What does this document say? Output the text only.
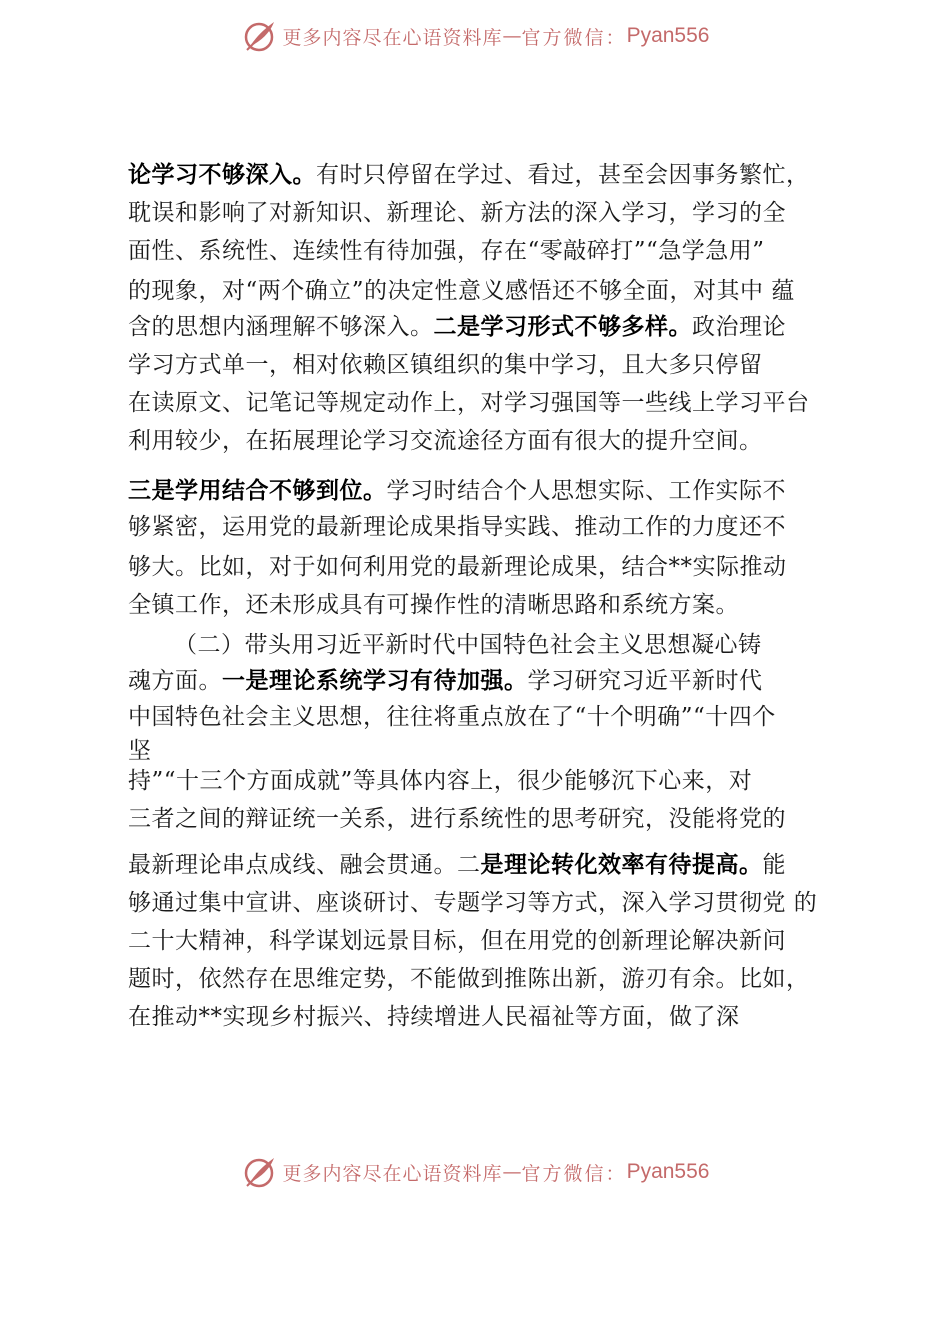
更多内容尽在心语资料库 — 官方微信： Pyan556
论学习不够深入。有时只停留在学过、看过，甚至会因事务繁忙，
耽误和影响了对新知识、新理论、新方法的深入学习，学习的全
面性、系统性、连续性有待加强，存在“零敲碎打”“急学急用”
的现象，对“两个确立”的决定性意义感悟还不够全面，对其中 蕴
含的思想内涵理解不够深入。二是学习形式不够多样。政治理论
学习方式单一，相对依赖区镇组织的集中学习，且大多只停留
在读原文、记笔记等规定动作上，对学习强国等一些线上学习平台
利用较少，在拓展理论学习交流途径方面有很大的提升空间。
三是学用结合不够到位。学习时结合个人思想实际、工作实际不
够紧密，运用党的最新理论成果指导实践、推动工作的力度还不
够大。比如，对于如何利用党的最新理论成果，结合**实际推动
全镇工作，还未形成具有可操作性的清晰思路和系统方案。
（二）带头用习近平新时代中国特色社会主义思想凝心铸
魂方面。一是理论系统学习有待加强。学习研究习近平新时代
中国特色社会主义思想，往往将重点放在了“十个明确”“十四个
坚
持”“十三个方面成就”等具体内容上，很少能够沉下心来，对
三者之间的辩证统一关系，进行系统性的思考研究，没能将党的
最新理论串点成线、融会贯通。二是理论转化效率有待提高。能
够通过集中宣讲、座谈研讨、专题学习等方式，深入学习贯彻党 的
二十大精神，科学谋划远景目标，但在用党的创新理论解决新问
题时，依然存在思维定势，不能做到推陈出新，游刃有余。比如，
在推动**实现乡村振兴、持续增进人民福祉等方面，做了深
更多内容尽在心语资料库 — 官方微信： Pyan556
